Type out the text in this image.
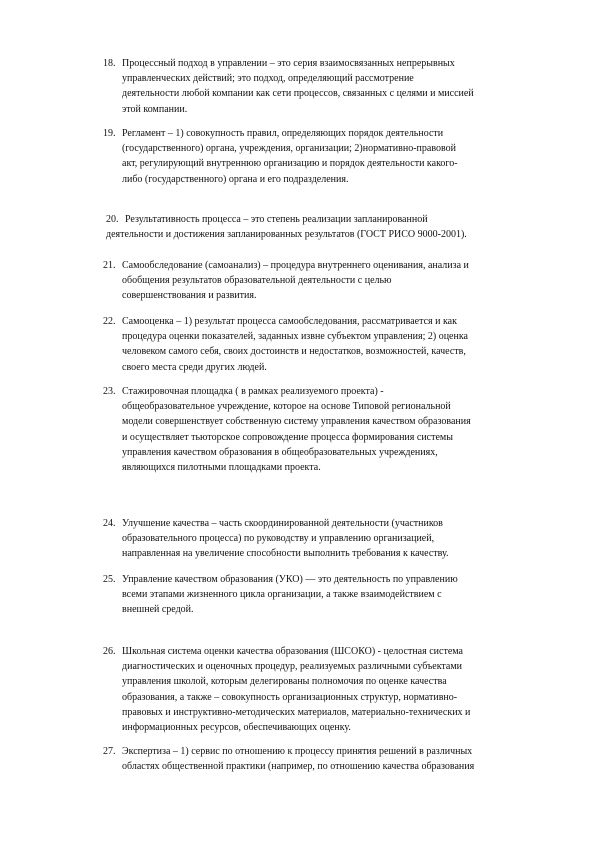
18. Процессный подход в управлении – это серия взаимосвязанных непрерывных
управленческих действий; это подход, определяющий рассмотрение
деятельности любой компании как сети процессов, связанных с целями и миссией
этой компании.
19. Регламент – 1) совокупность правил, определяющих порядок деятельности
(государственного) органа, учреждения, организации; 2)нормативно-правовой
акт, регулирующий внутреннюю организацию и порядок деятельности какого-
либо (государственного) органа и его подразделения.
20. Результативность процесса – это степень реализации запланированной
деятельности и достижения запланированных результатов (ГОСТ РИСО 9000-2001).
21. Самообследование (самоанализ) – процедура внутреннего оценивания, анализа и
обобщения результатов образовательной деятельности с целью
совершенствования и развития.
22. Самооценка – 1) результат процесса самообследования, рассматривается и как
процедура оценки показателей, заданных извне субъектом управления; 2) оценка
человеком самого себя, своих достоинств и недостатков, возможностей, качеств,
своего места среди других людей.
23. Стажировочная площадка ( в рамках реализуемого проекта) -
общеобразовательное учреждение, которое на основе Типовой региональной
модели совершенствует собственную систему управления качеством образования
и осуществляет тьюторское сопровождение процесса формирования системы
управления качеством образования в общеобразовательных учреждениях,
являющихся пилотными площадками проекта.
24. Улучшение качества – часть скоординированной деятельности (участников
образовательного процесса) по руководству и управлению организацией,
направленная на увеличение способности выполнить требования к качеству.
25. Управление качеством образования (УКО) — это деятельность по управлению
всеми этапами жизненного цикла организации, а также взаимодействием с
внешней средой.
26. Школьная система оценки качества образования (ШСОКО) - целостная система
диагностических и оценочных процедур, реализуемых различными субъектами
управления школой, которым делегированы полномочия по оценке качества
образования, а также – совокупность организационных структур, нормативно-
правовых и инструктивно-методических материалов, материально-технических и
информационных ресурсов, обеспечивающих оценку.
27. Экспертиза – 1) сервис по отношению к процессу принятия решений в различных
областях общественной практики (например, по отношению качества образования
